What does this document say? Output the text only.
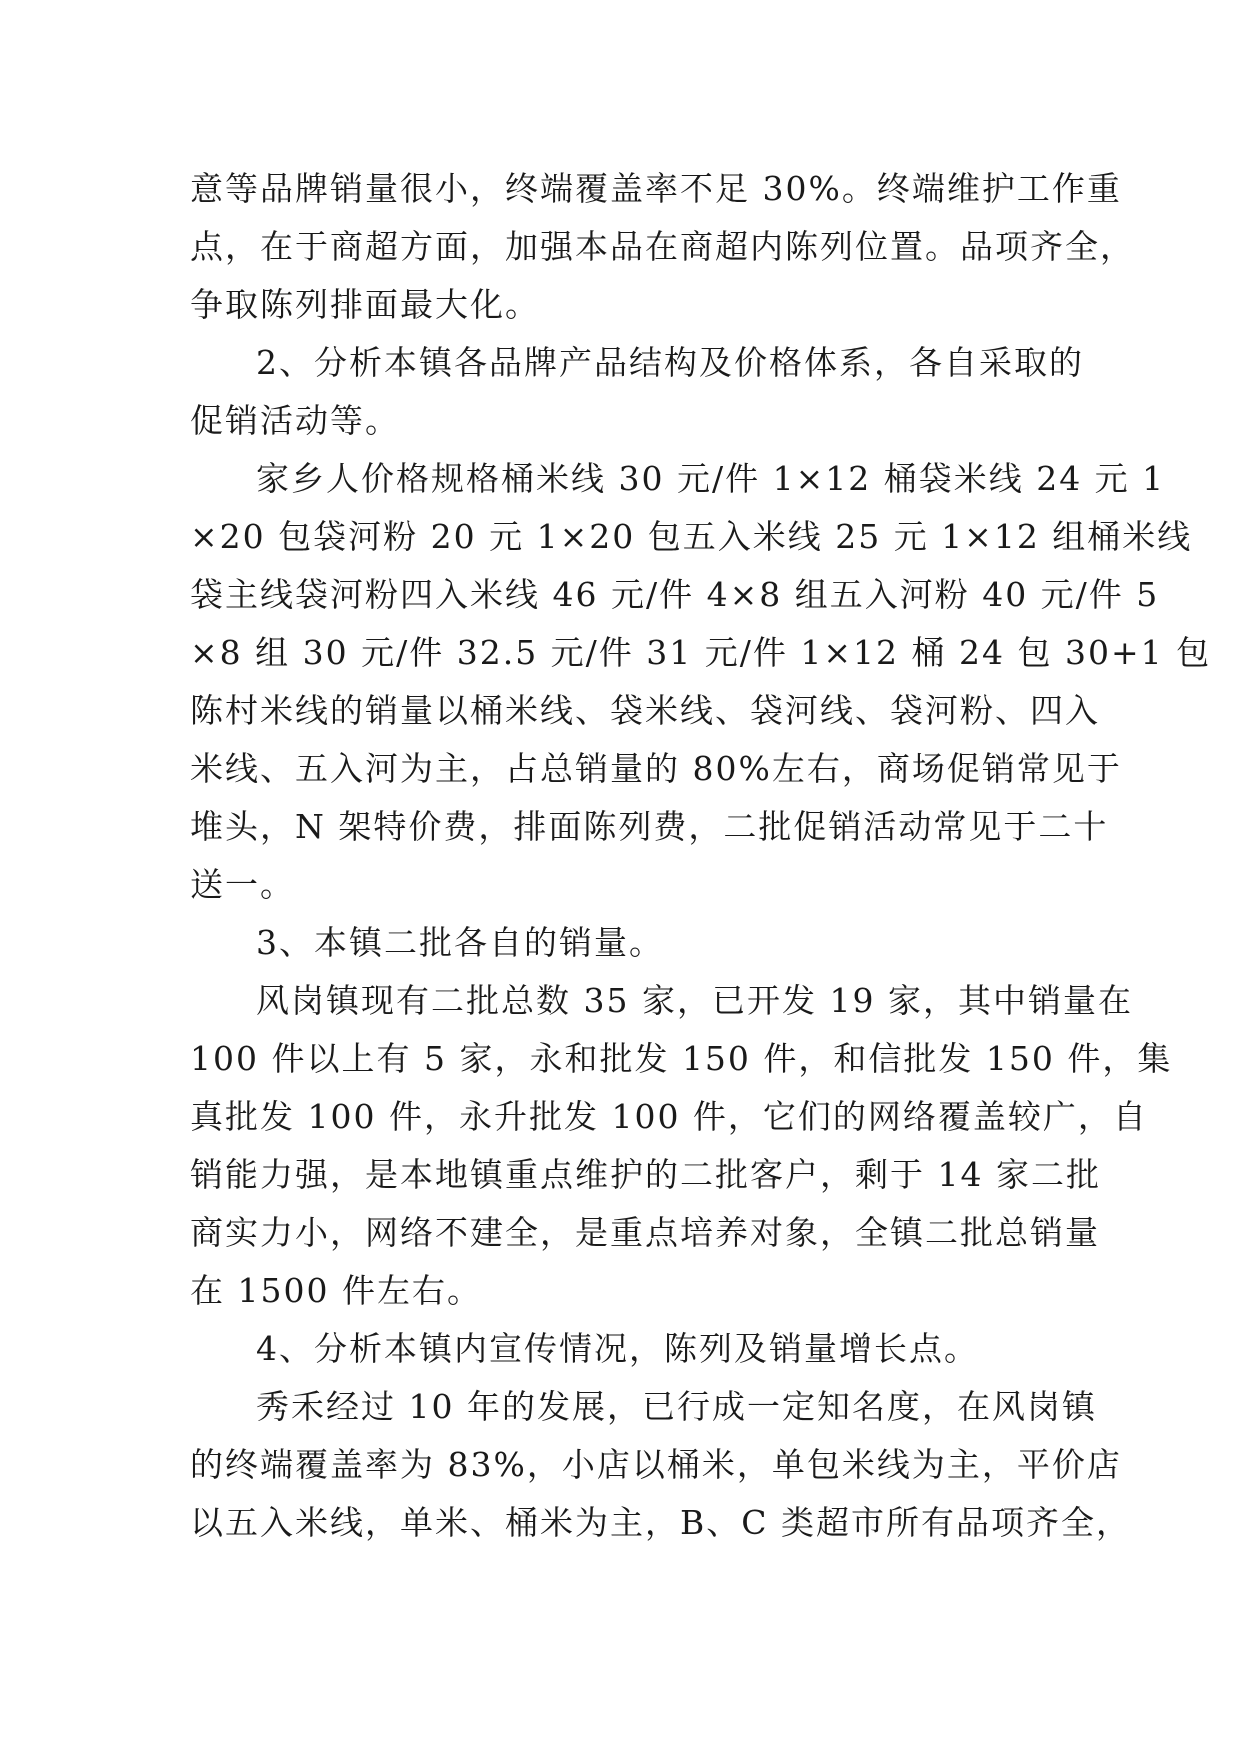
意等品牌销量很小，终端覆盖率不足 30%。终端维护工作重
点，在于商超方面，加强本品在商超内陈列位置。品项齐全，
争取陈列排面最大化。
2、分析本镇各品牌产品结构及价格体系，各自采取的
促销活动等。
家乡人价格规格桶米线 30 元/件 1×12 桶袋米线 24 元 1
×20 包袋河粉 20 元 1×20 包五入米线 25 元 1×12 组桶米线
袋主线袋河粉四入米线 46 元/件 4×8 组五入河粉 40 元/件 5
×8 组 30 元/件 32.5 元/件 31 元/件 1×12 桶 24 包 30+1 包
陈村米线的销量以桶米线、袋米线、袋河线、袋河粉、四入
米线、五入河为主，占总销量的 80%左右，商场促销常见于
堆头，N 架特价费，排面陈列费，二批促销活动常见于二十
送一。
3、本镇二批各自的销量。
风岗镇现有二批总数 35 家，已开发 19 家，其中销量在
100 件以上有 5 家，永和批发 150 件，和信批发 150 件，集
真批发 100 件，永升批发 100 件，它们的网络覆盖较广，自
销能力强，是本地镇重点维护的二批客户，剩于 14 家二批
商实力小，网络不建全，是重点培养对象，全镇二批总销量
在 1500 件左右。
4、分析本镇内宣传情况，陈列及销量增长点。
秀禾经过 10 年的发展，已行成一定知名度，在风岗镇
的终端覆盖率为 83%，小店以桶米，单包米线为主，平价店
以五入米线，单米、桶米为主，B、C 类超市所有品项齐全，
